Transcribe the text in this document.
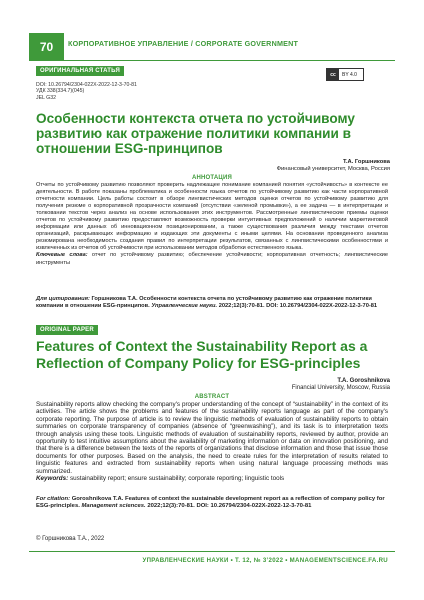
70	КОРПОРАТИВНОЕ УПРАВЛЕНИЕ / CORPORATE GOVERNMENT
ОРИГИНАЛЬНАЯ СТАТЬЯ
cc	BY 4.0
DOI: 10.26794/2304-022X-2022-12-3-70-81
УДК 338(334.7)(045)
JEL G32
Особенности контекста отчета по устойчивому развитию как отражение политики компании в отношении ESG-принципов
Т.А. Горшникова
Финансовый университет, Москва, Россия
АННОТАЦИЯ
Отчеты по устойчивому развитию позволяют проверить надлежащее понимание компанией понятия «устойчивость» в контексте ее деятельности. В работе показаны проблематика и особенности языка отчетов по устойчивому развитию как части корпоративной отчетности компании. Цель работы состоит в обзоре лингвистических методов оценки отчетов по устойчивому развитию для получения резюме о корпоративной прозрачности компаний (отсутствии «зеленой промывки»), а ее задача — в интерпретации и толковании текстов через анализ на основе использования этих инструментов. Рассмотренные лингвистические приемы оценки отчетов по устойчивому развитию предоставляют возможность проверки интуитивных предположений о наличии маркетинговой информации или данных об инновационном позиционировании, а также существования различия между текстами отчетов организаций, раскрывающих информацию и издающих эти документы с иными целями. На основании проведенного анализа резюмирована необходимость создания правил по интерпретации результатов, связанных с лингвистическими особенностями и извлеченных из отчетов об устойчивости при использовании методов обработки естественного языка.
Ключевые слова: отчет по устойчивому развитию; обеспечение устойчивости; корпоративная отчетность; лингвистические инструменты
Для цитирования: Горшникова Т.А. Особенности контекста отчета по устойчивому развитию как отражение политики компании в отношении ESG-принципов. Управленческие науки. 2022;12(3):70-81. DOI: 10.26794/2304-022X-2022-12-3-70-81
ORIGINAL PAPER
Features of Context the Sustainability Report as a Reflection of Company Policy for ESG-principles
T.A. Goroshnikova
Financial University, Moscow, Russia
ABSTRACT
Sustainability reports allow checking the company's proper understanding of the concept of “sustainability” in the context of its activities. The article shows the problems and features of the sustainability reports language as part of the company's corporate reporting. The purpose of article is to review the linguistic methods of evaluation of sustainability reports to obtain summaries on corporate transparency of companies (absence of “greenwashing”), and its task is to interpretation texts through analysis using these tools. Linguistic methods of evaluation of sustainability reports, reviewed by author, provide an opportunity to test intuitive assumptions about the availability of marketing information or data on innovation positioning, and that there is a difference between the texts of the reports of organizations that disclose information and those that issue those documents for other purposes. Based on the analysis, the need to create rules for the interpretation of results related to linguistic features and extracted from sustainability reports when using natural language processing methods was summarized.
Keywords: sustainability report; ensure sustainability; corporate reporting; linguistic tools
For citation: Goroshnikova T.A. Features of context the sustainable development report as a reflection of company policy for ESG-principles. Management sciences. 2022;12(3):70-81. DOI: 10.26794/2304-022X-2022-12-3-70-81
© Горшникова Т.А., 2022
УПРАВЛЕНЧЕСКИЕ НАУКИ • Т. 12, № 3’2022 • MANAGEMENTSCIENCE.FA.RU
